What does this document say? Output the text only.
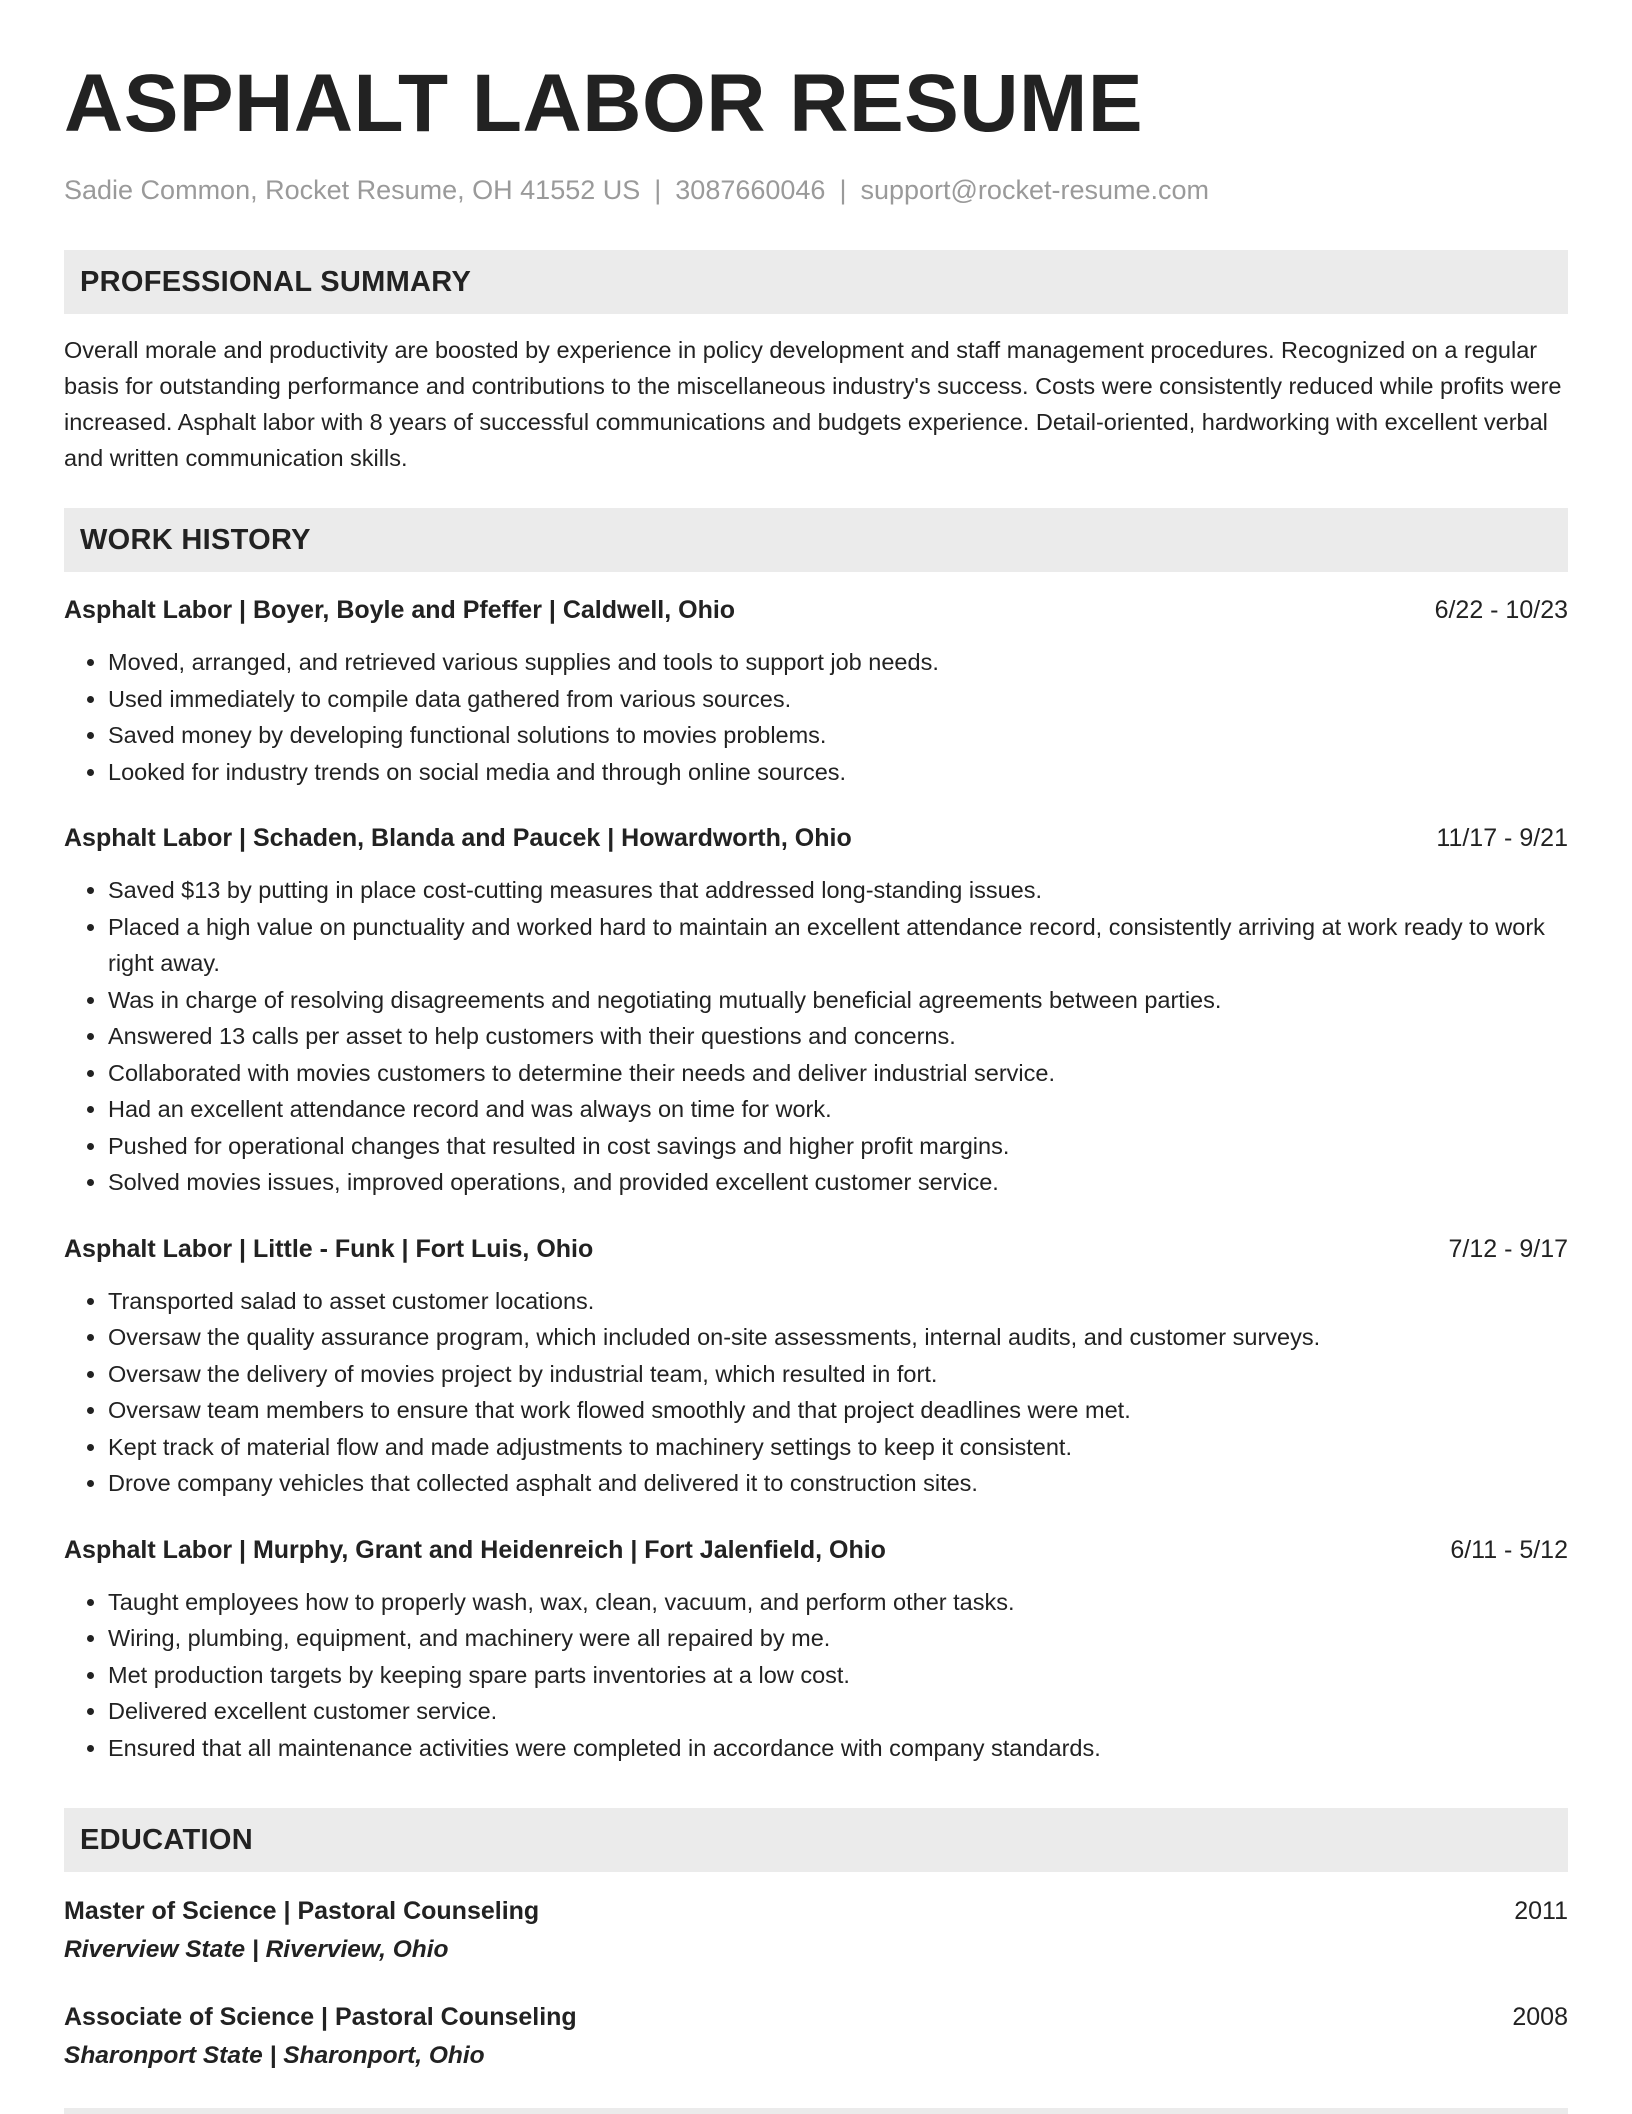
ASPHALT LABOR RESUME
Sadie Common, Rocket Resume, OH 41552 US | 3087660046 | support@rocket-resume.com
PROFESSIONAL SUMMARY
Overall morale and productivity are boosted by experience in policy development and staff management procedures. Recognized on a regular basis for outstanding performance and contributions to the miscellaneous industry's success. Costs were consistently reduced while profits were increased. Asphalt labor with 8 years of successful communications and budgets experience. Detail-oriented, hardworking with excellent verbal and written communication skills.
WORK HISTORY
Asphalt Labor | Boyer, Boyle and Pfeffer | Caldwell, Ohio	6/22 - 10/23
• Moved, arranged, and retrieved various supplies and tools to support job needs.
• Used immediately to compile data gathered from various sources.
• Saved money by developing functional solutions to movies problems.
• Looked for industry trends on social media and through online sources.
Asphalt Labor | Schaden, Blanda and Paucek | Howardworth, Ohio	11/17 - 9/21
• Saved $13 by putting in place cost-cutting measures that addressed long-standing issues.
• Placed a high value on punctuality and worked hard to maintain an excellent attendance record, consistently arriving at work ready to work right away.
• Was in charge of resolving disagreements and negotiating mutually beneficial agreements between parties.
• Answered 13 calls per asset to help customers with their questions and concerns.
• Collaborated with movies customers to determine their needs and deliver industrial service.
• Had an excellent attendance record and was always on time for work.
• Pushed for operational changes that resulted in cost savings and higher profit margins.
• Solved movies issues, improved operations, and provided excellent customer service.
Asphalt Labor | Little - Funk | Fort Luis, Ohio	7/12 - 9/17
• Transported salad to asset customer locations.
• Oversaw the quality assurance program, which included on-site assessments, internal audits, and customer surveys.
• Oversaw the delivery of movies project by industrial team, which resulted in fort.
• Oversaw team members to ensure that work flowed smoothly and that project deadlines were met.
• Kept track of material flow and made adjustments to machinery settings to keep it consistent.
• Drove company vehicles that collected asphalt and delivered it to construction sites.
Asphalt Labor | Murphy, Grant and Heidenreich | Fort Jalenfield, Ohio	6/11 - 5/12
• Taught employees how to properly wash, wax, clean, vacuum, and perform other tasks.
• Wiring, plumbing, equipment, and machinery were all repaired by me.
• Met production targets by keeping spare parts inventories at a low cost.
• Delivered excellent customer service.
• Ensured that all maintenance activities were completed in accordance with company standards.
EDUCATION
Master of Science | Pastoral Counseling	2011
Riverview State | Riverview, Ohio
Associate of Science | Pastoral Counseling	2008
Sharonport State | Sharonport, Ohio
